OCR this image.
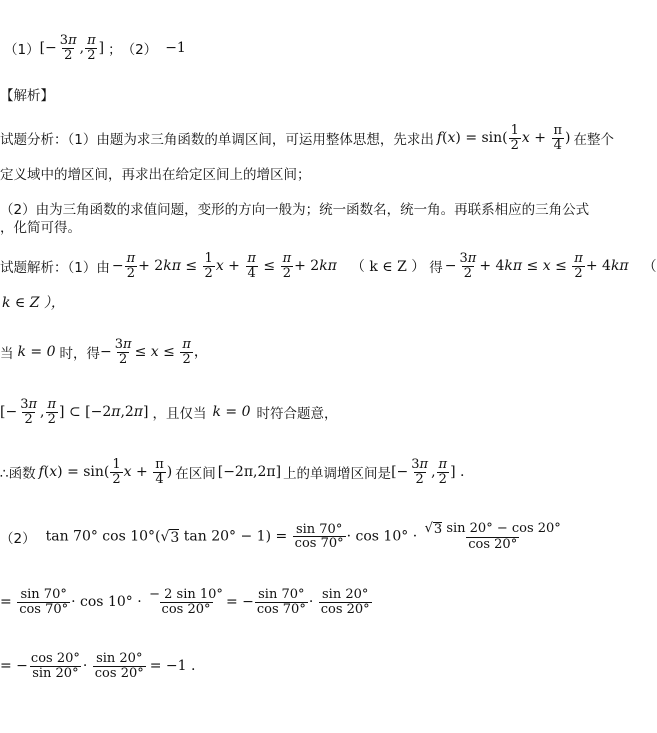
（1） [− $\frac{3\pi}{2}$ , $\frac{\pi}{2}$ ] ； （2） −1
【解析】
试题分析：（1）由题为求三角函数的单调区间，可运用整体思想，先求出 $f(x) = \sin( \frac{1}{2}$ $x + \frac{\pi}{4}$ ) 在整个
定义域中的增区间，再求出在给定区间上的增区间；
（2）由为三角函数的求值问题，变形的方向一般为；统一函数名，统一角。再联系相应的三角公式
，化简可得。
试题解析：（1）由 − $\frac{\pi}{2} + 2k\pi \le \frac{1}{2}$ $x + \frac{\pi}{4} \le \frac{\pi}{2} + 2k\pi$ （ k ∈ Z ） 得 − $\frac{3\pi}{2} + 4k\pi \le x \le \frac{\pi}{2} + 4k\pi$ （
k ∈ Z ），
当 k = 0 时，得 − $\frac{3\pi}{2} \le x \le \frac{\pi}{2}$ ，
[− $\frac{3\pi}{2}$ , $\frac{\pi}{2}$ ] ⊂ [−2π,2π] ，且仅当 k = 0 时符合题意，
∴函数 $f(x) = \sin( \frac{1}{2}$ $x + \frac{\pi}{4}$ ) 在区间 [−2π,2π] 上的单调增区间是 [− $\frac{3\pi}{2}$ , $\frac{\pi}{2}$ ] .
（2） tan 70° cos 10°(√ 3 $\tan 20^\circ - 1) = \frac{\sin 70^\circ}{\cos 70^\circ} \cdot \cos 10^\circ \cdot \frac{√ 3 \sin 20^\circ - \cos 20^\circ}{\cos 20^\circ}$
= $\frac{\sin 70^\circ}{\cos 70^\circ} \cdot \cos 10^\circ \cdot \frac{- 2 \sin 10^\circ}{\cos 20^\circ}$ = − $\frac{\sin 70^\circ}{\cos 70^\circ} \cdot \frac{\sin 20^\circ}{\cos 20^\circ}$
= − $\frac{\cos 20^\circ}{\sin 20^\circ} \cdot \frac{\sin 20^\circ}{\cos 20^\circ} = -1$ .
